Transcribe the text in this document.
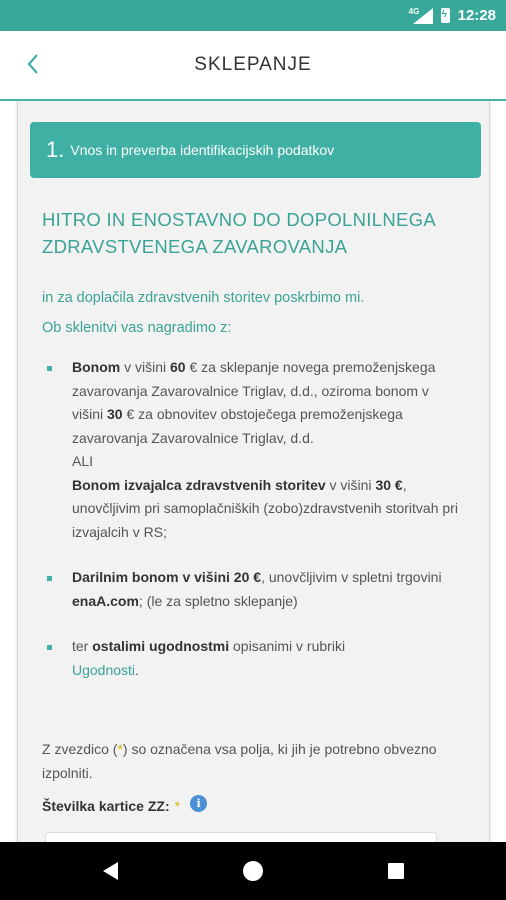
4G
ϟ	12:28
SKLEPANJE
1. Vnos in preverba identifikacijskih podatkov
HITRO IN ENOSTAVNO DO DOPOLNILNEGA ZDRAVSTVENEGA ZAVAROVANJA
in za doplačila zdravstvenih storitev poskrbimo mi.
Ob sklenitvi vas nagradimo z:
Bonom v višini 60 € za sklepanje novega premoženjskega zavarovanja Zavarovalnice Triglav, d.d., oziroma bonom v višini 30 € za obnovitev obstoječega premoženjskega zavarovanja Zavarovalnice Triglav, d.d.
ALI
Bonom izvajalca zdravstvenih storitev v višini 30 €, unovčljivim pri samoplačniških (zobo)zdravstvenih storitvah pri izvajalcih v RS;
Darilnim bonom v višini 20 €, unovčljivim v spletni trgovini enaA.com; (le za spletno sklepanje)
ter ostalimi ugodnostmi opisanimi v rubriki
Ugodnosti.
Z zvezdico (*) so označena vsa polja, ki jih je potrebno obvezno izpolniti.
Številka kartice ZZ: *	i
